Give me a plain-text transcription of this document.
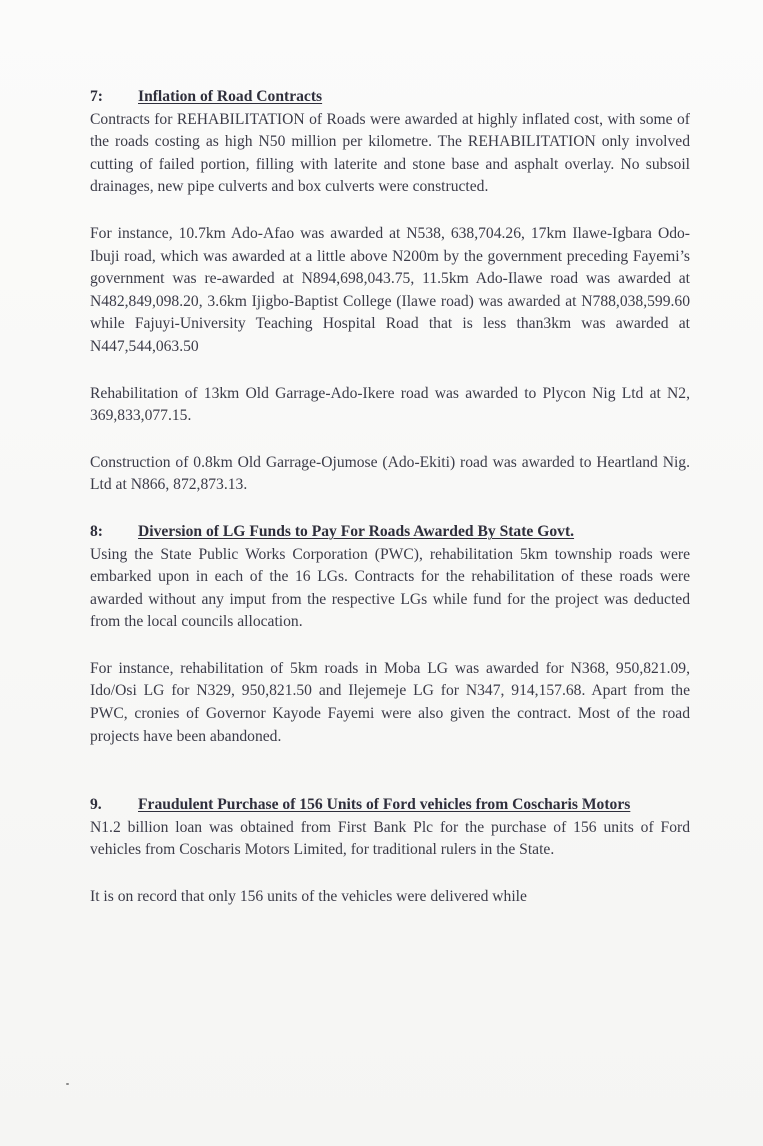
7: Inflation of Road Contracts

Contracts for REHABILITATION of Roads were awarded at highly inflated cost, with some of the roads costing as high N50 million per kilometre. The REHABILITATION only involved cutting of failed portion, filling with laterite and stone base and asphalt overlay. No subsoil drainages, new pipe culverts and box culverts were constructed.

For instance, 10.7km Ado-Afao was awarded at N538, 638,704.26, 17km Ilawe-Igbara Odo-Ibuji road, which was awarded at a little above N200m by the government preceding Fayemi’s government was re-awarded at N894,698,043.75, 11.5km Ado-Ilawe road was awarded at N482,849,098.20, 3.6km Ijigbo-Baptist College (Ilawe road) was awarded at N788,038,599.60 while Fajuyi-University Teaching Hospital Road that is less than3km was awarded at N447,544,063.50

Rehabilitation of 13km Old Garrage-Ado-Ikere road was awarded to Plycon Nig Ltd at N2, 369,833,077.15.

Construction of 0.8km Old Garrage-Ojumose (Ado-Ekiti) road was awarded to Heartland Nig. Ltd at N866, 872,873.13.

8: Diversion of LG Funds to Pay For Roads Awarded By State Govt.

Using the State Public Works Corporation (PWC), rehabilitation 5km township roads were embarked upon in each of the 16 LGs. Contracts for the rehabilitation of these roads were awarded without any imput from the respective LGs while fund for the project was deducted from the local councils allocation.

For instance, rehabilitation of 5km roads in Moba LG was awarded for N368, 950,821.09, Ido/Osi LG for N329, 950,821.50 and Ilejemeje LG for N347, 914,157.68. Apart from the PWC, cronies of Governor Kayode Fayemi were also given the contract. Most of the road projects have been abandoned.

9. Fraudulent Purchase of 156 Units of Ford vehicles from Coscharis Motors

N1.2 billion loan was obtained from First Bank Plc for the purchase of 156 units of Ford vehicles from Coscharis Motors Limited, for traditional rulers in the State.

It is on record that only 156 units of the vehicles were delivered while
